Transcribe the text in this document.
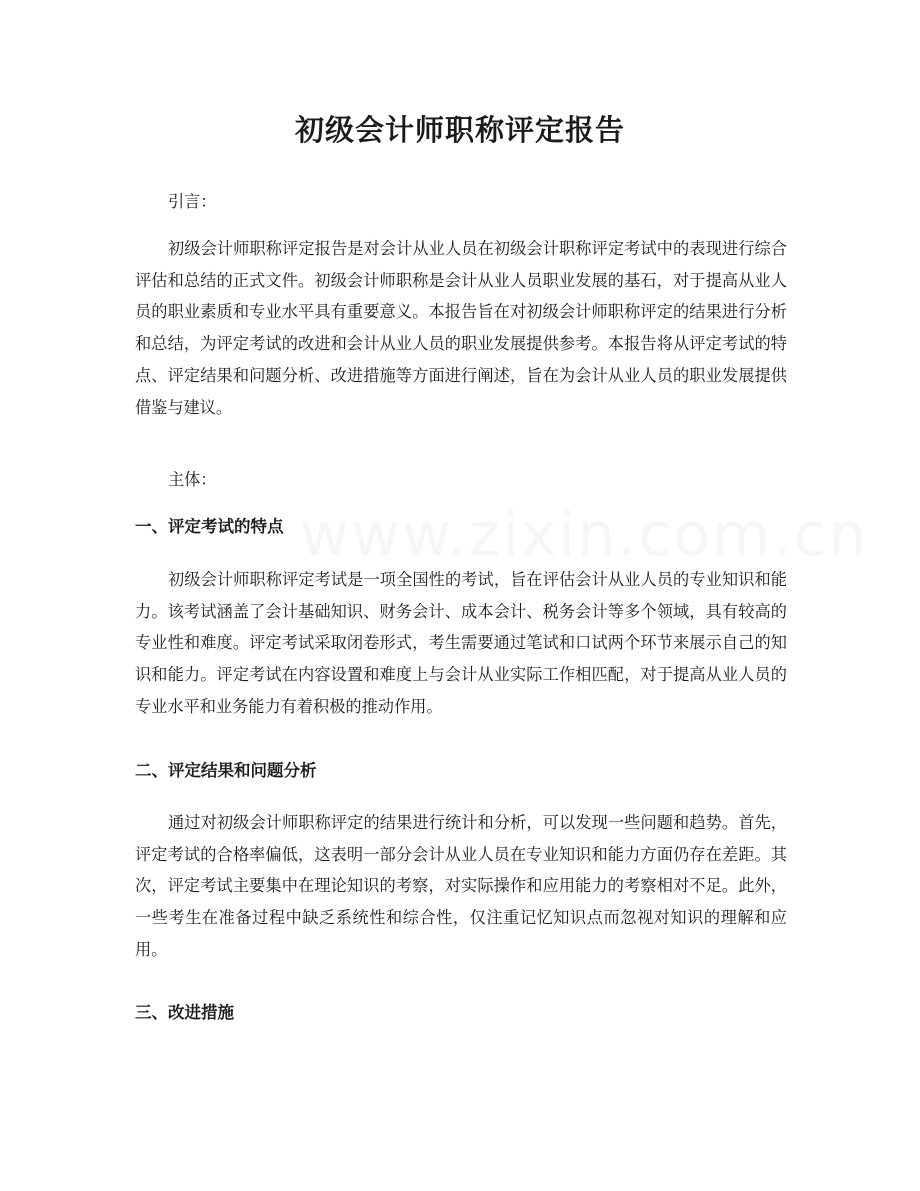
初级会计师职称评定报告

引言：

初级会计师职称评定报告是对会计从业人员在初级会计职称评定考试中的表现进行综合评估和总结的正式文件。初级会计师职称是会计从业人员职业发展的基石，对于提高从业人员的职业素质和专业水平具有重要意义。本报告旨在对初级会计师职称评定的结果进行分析和总结，为评定考试的改进和会计从业人员的职业发展提供参考。本报告将从评定考试的特点、评定结果和问题分析、改进措施等方面进行阐述，旨在为会计从业人员的职业发展提供借鉴与建议。

主体：

一、评定考试的特点

初级会计师职称评定考试是一项全国性的考试，旨在评估会计从业人员的专业知识和能力。该考试涵盖了会计基础知识、财务会计、成本会计、税务会计等多个领域，具有较高的专业性和难度。评定考试采取闭卷形式，考生需要通过笔试和口试两个环节来展示自己的知识和能力。评定考试在内容设置和难度上与会计从业实际工作相匹配，对于提高从业人员的专业水平和业务能力有着积极的推动作用。

二、评定结果和问题分析

通过对初级会计师职称评定的结果进行统计和分析，可以发现一些问题和趋势。首先，评定考试的合格率偏低，这表明一部分会计从业人员在专业知识和能力方面仍存在差距。其次，评定考试主要集中在理论知识的考察，对实际操作和应用能力的考察相对不足。此外，一些考生在准备过程中缺乏系统性和综合性，仅注重记忆知识点而忽视对知识的理解和应用。

三、改进措施
